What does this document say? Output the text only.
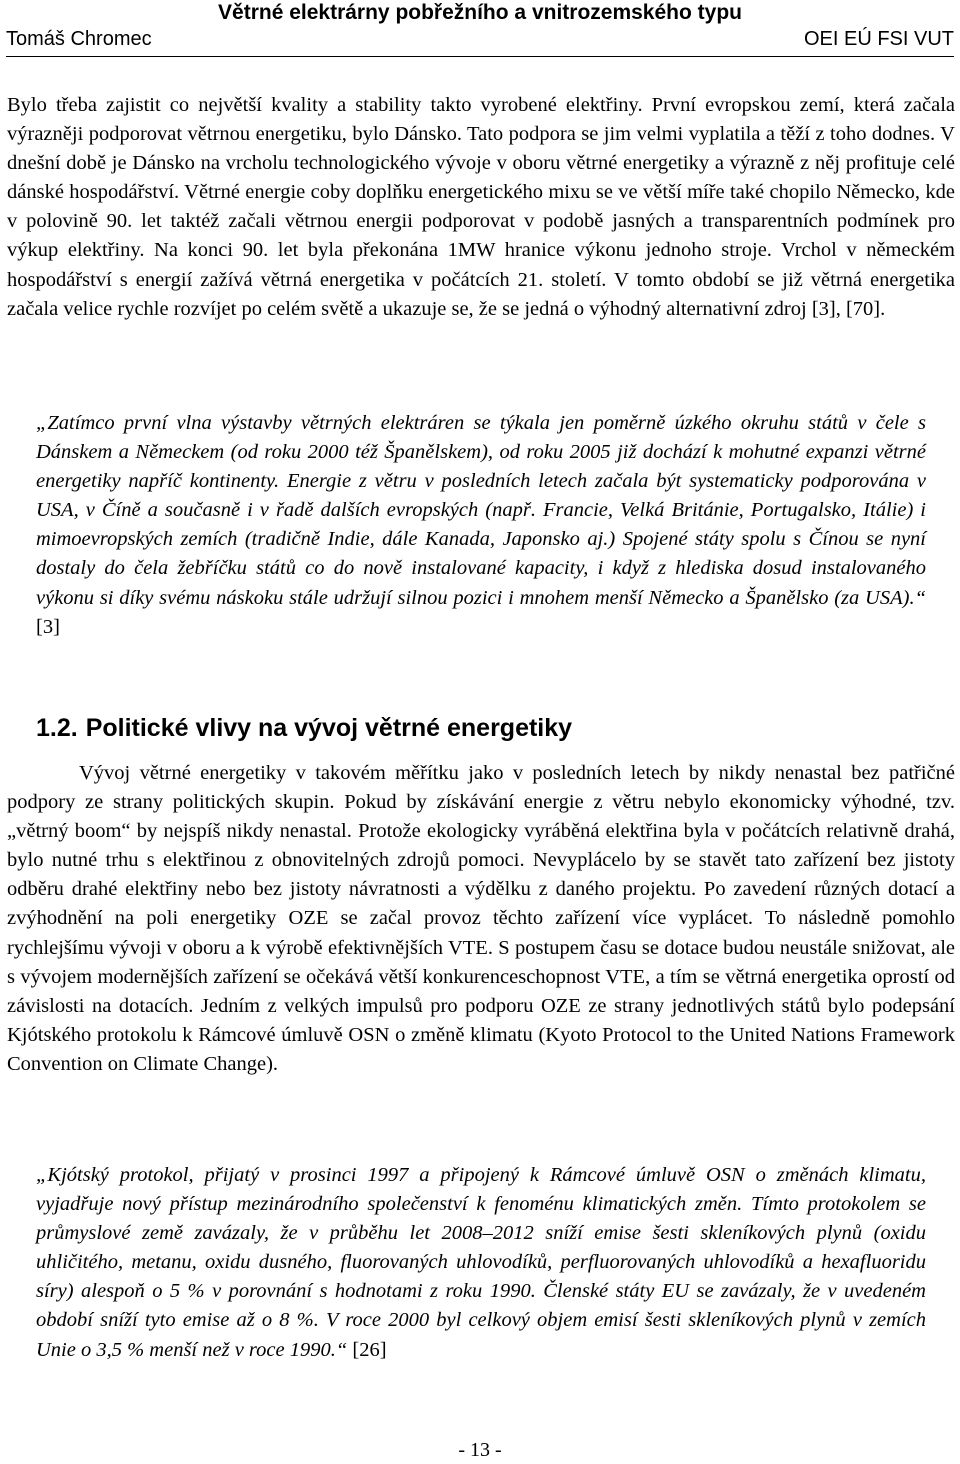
Větrné elektrárny pobřežního a vnitrozemského typu
Tomáš Chromec	OEI EÚ FSI VUT

Bylo třeba zajistit co největší kvality a stability takto vyrobené elektřiny. První evropskou zemí, která začala výrazněji podporovat větrnou energetiku, bylo Dánsko. Tato podpora se jim velmi vyplatila a těží z toho dodnes. V dnešní době je Dánsko na vrcholu technologického vývoje v oboru větrné energetiky a výrazně z něj profituje celé dánské hospodářství. Větrné energie coby doplňku energetického mixu se ve větší míře také chopilo Německo, kde v polovině 90. let taktéž začali větrnou energii podporovat v podobě jasných a transparentních podmínek pro výkup elektřiny. Na konci 90. let byla překonána 1MW hranice výkonu jednoho stroje. Vrchol v německém hospodářství s energií zažívá větrná energetika v počátcích 21. století. V tomto období se již větrná energetika začala velice rychle rozvíjet po celém světě a ukazuje se, že se jedná o výhodný alternativní zdroj [3], [70].

„Zatímco první vlna výstavby větrných elektráren se týkala jen poměrně úzkého okruhu států v čele s Dánskem a Německem (od roku 2000 též Španělskem), od roku 2005 již dochází k mohutné expanzi větrné energetiky napříč kontinenty. Energie z větru v posledních letech začala být systematicky podporována v USA, v Číně a současně i v řadě dalších evropských (např. Francie, Velká Británie, Portugalsko, Itálie) i mimoevropských zemích (tradičně Indie, dále Kanada, Japonsko aj.) Spojené státy spolu s Čínou se nyní dostaly do čela žebříčku států co do nově instalované kapacity, i když z hlediska dosud instalovaného výkonu si díky svému náskoku stále udržují silnou pozici i mnohem menší Německo a Španělsko (za USA).“ [3]

1.2. Politické vlivy na vývoj větrné energetiky

Vývoj větrné energetiky v takovém měřítku jako v posledních letech by nikdy nenastal bez patřičné podpory ze strany politických skupin. Pokud by získávání energie z větru nebylo ekonomicky výhodné, tzv. „větrný boom“ by nejspíš nikdy nenastal. Protože ekologicky vyráběná elektřina byla v počátcích relativně drahá, bylo nutné trhu s elektřinou z obnovitelných zdrojů pomoci. Nevyplácelo by se stavět tato zařízení bez jistoty odběru drahé elektřiny nebo bez jistoty návratnosti a výdělku z daného projektu. Po zavedení různých dotací a zvýhodnění na poli energetiky OZE se začal provoz těchto zařízení více vyplácet. To následně pomohlo rychlejšímu vývoji v oboru a k výrobě efektivnějších VTE. S postupem času se dotace budou neustále snižovat, ale s vývojem modernějších zařízení se očekává větší konkurenceschopnost VTE, a tím se větrná energetika oprostí od závislosti na dotacích. Jedním z velkých impulsů pro podporu OZE ze strany jednotlivých států bylo podepsání Kjótského protokolu k Rámcové úmluvě OSN o změně klimatu (Kyoto Protocol to the United Nations Framework Convention on Climate Change).

„Kjótský protokol, přijatý v prosinci 1997 a připojený k Rámcové úmluvě OSN o změnách klimatu, vyjadřuje nový přístup mezinárodního společenství k fenoménu klimatických změn. Tímto protokolem se průmyslové země zavázaly, že v průběhu let 2008–2012 sníží emise šesti skleníkových plynů (oxidu uhličitého, metanu, oxidu dusného, fluorovaných uhlovodíků, perfluorovaných uhlovodíků a hexafluoridu síry) alespoň o 5 % v porovnání s hodnotami z roku 1990. Členské státy EU se zavázaly, že v uvedeném období sníží tyto emise až o 8 %. V roce 2000 byl celkový objem emisí šesti skleníkových plynů v zemích Unie o 3,5 % menší než v roce 1990.“ [26]

- 13 -
